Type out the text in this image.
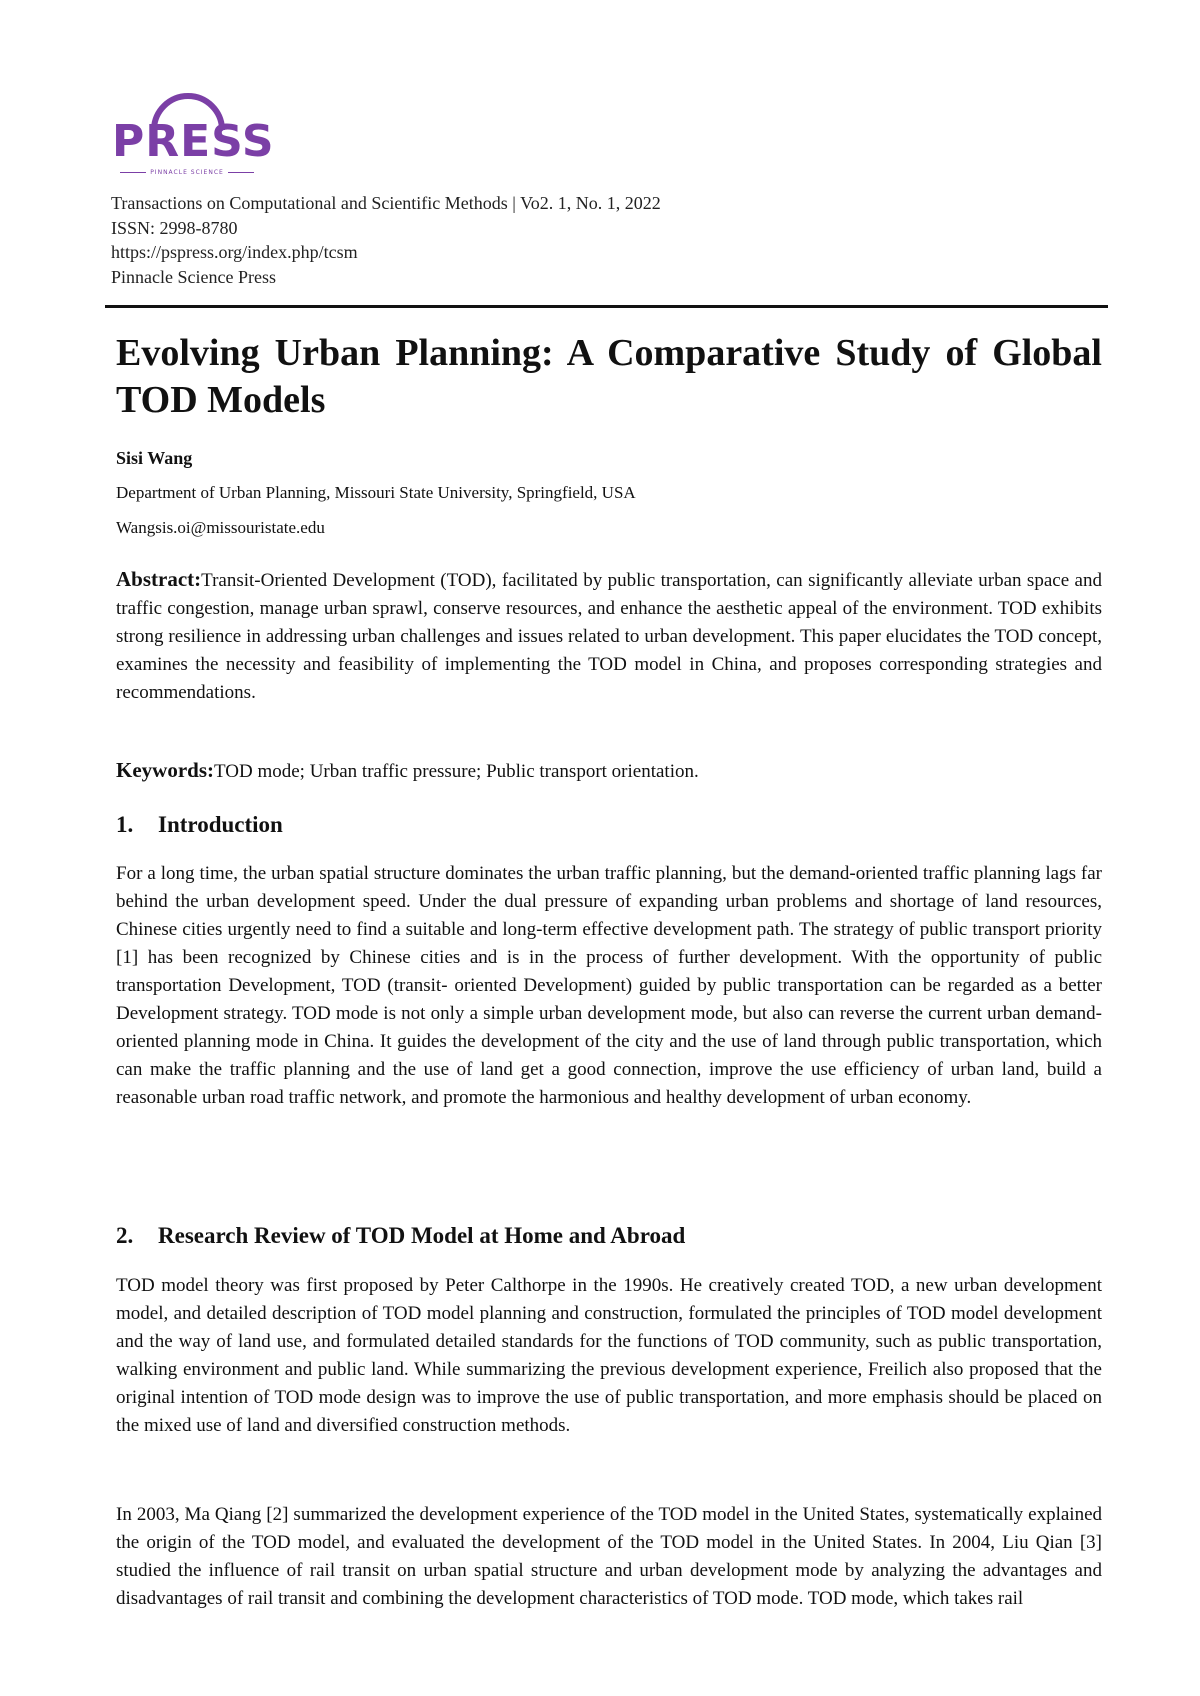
PRESS
PINNACLE SCIENCE
Transactions on Computational and Scientific Methods | Vo2. 1, No. 1, 2022
ISSN: 2998-8780
https://pspress.org/index.php/tcsm
Pinnacle Science Press
Evolving Urban Planning: A Comparative Study of Global TOD Models
Sisi Wang
Department of Urban Planning, Missouri State University, Springfield, USA
Wangsis.oi@missouristate.edu

Abstract:Transit-Oriented Development (TOD), facilitated by public transportation, can significantly alleviate urban space and traffic congestion, manage urban sprawl, conserve resources, and enhance the aesthetic appeal of the environment. TOD exhibits strong resilience in addressing urban challenges and issues related to urban development. This paper elucidates the TOD concept, examines the necessity and feasibility of implementing the TOD model in China, and proposes corresponding strategies and recommendations.

Keywords:TOD mode; Urban traffic pressure; Public transport orientation.

1. Introduction

For a long time, the urban spatial structure dominates the urban traffic planning, but the demand-oriented traffic planning lags far behind the urban development speed. Under the dual pressure of expanding urban problems and shortage of land resources, Chinese cities urgently need to find a suitable and long-term effective development path. The strategy of public transport priority [1] has been recognized by Chinese cities and is in the process of further development. With the opportunity of public transportation Development, TOD (transit- oriented Development) guided by public transportation can be regarded as a better Development strategy. TOD mode is not only a simple urban development mode, but also can reverse the current urban demand-oriented planning mode in China. It guides the development of the city and the use of land through public transportation, which can make the traffic planning and the use of land get a good connection, improve the use efficiency of urban land, build a reasonable urban road traffic network, and promote the harmonious and healthy development of urban economy.

2. Research Review of TOD Model at Home and Abroad

TOD model theory was first proposed by Peter Calthorpe in the 1990s. He creatively created TOD, a new urban development model, and detailed description of TOD model planning and construction, formulated the principles of TOD model development and the way of land use, and formulated detailed standards for the functions of TOD community, such as public transportation, walking environment and public land. While summarizing the previous development experience, Freilich also proposed that the original intention of TOD mode design was to improve the use of public transportation, and more emphasis should be placed on the mixed use of land and diversified construction methods.

In 2003, Ma Qiang [2] summarized the development experience of the TOD model in the United States, systematically explained the origin of the TOD model, and evaluated the development of the TOD model in the United States. In 2004, Liu Qian [3] studied the influence of rail transit on urban spatial structure and urban development mode by analyzing the advantages and disadvantages of rail transit and combining the development characteristics of TOD mode. TOD mode, which takes rail
